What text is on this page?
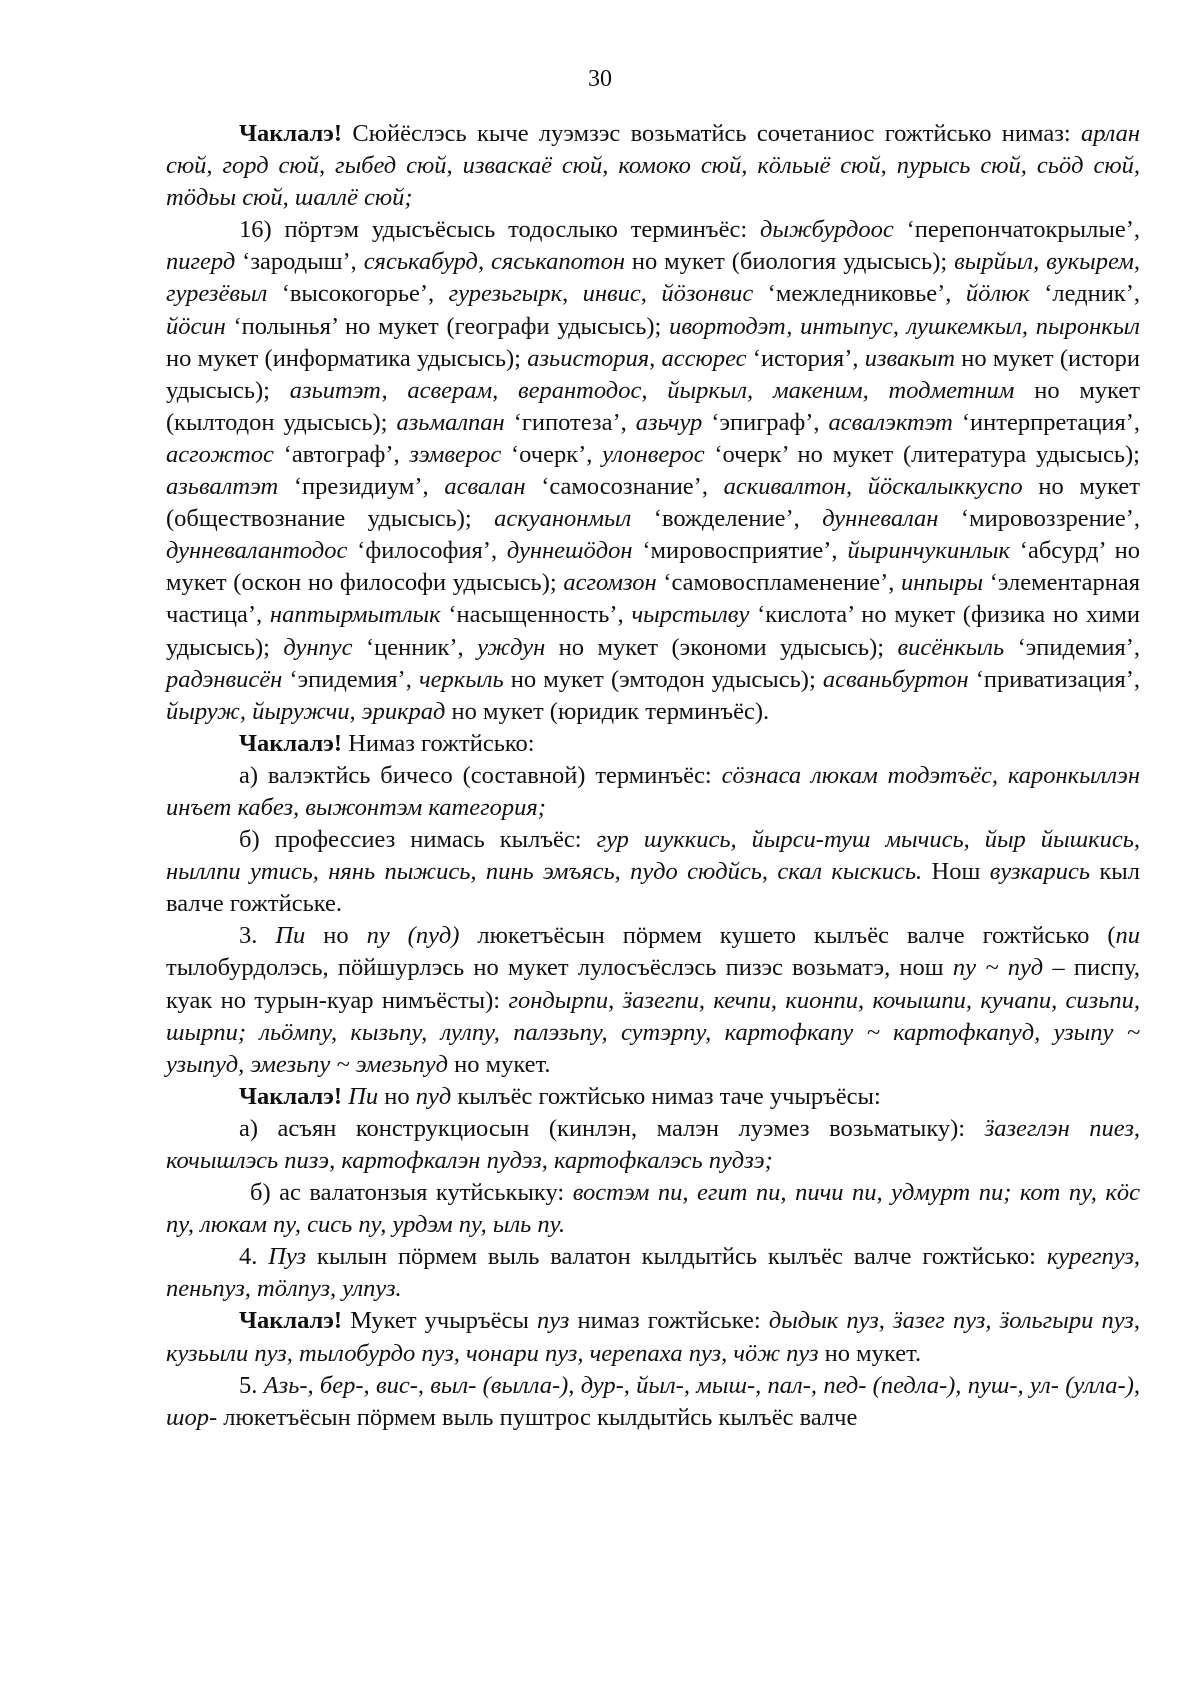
30

Чаклалэ! Сюйёслэсь кыче луэмзэс возьматйсь сочетаниос гожтйсько нимаз: арлан сюй, горд сюй, гыбед сюй, изваскаё сюй, комоко сюй, кöльыё сюй, пурысь сюй, сьöд сюй, тöдьы сюй, шаллё сюй;

16) пöртэм удысъёсысь тодослыко терминъёс: дыжбурдоос ‘перепончатокрылые’, пигерд ‘зародыш’, сяськабурд, сяськапотон но мукет (биология удысысь); вырйыл, вукырем, гурезёвыл ‘высокогорье’, гурезьгырк, инвис, йöзонвис ‘межледниковье’, йöлюк ‘ледник’, йöсин ‘полынья’ но мукет (географи удысысь); ивортодэт, интыпус, лушкемкыл, пыронкыл но мукет (информатика удысысь); азьистория, ассюрес ‘история’, извакыт но мукет (истори удысысь); азьитэт, асверам, верантодос, йыркыл, макеним, тодметним но мукет (кылтодон удысысь); азьмалпан ‘гипотеза’, азьчур ‘эпиграф’, асвалэктэт ‘интерпретация’, асгожтос ‘автограф’, зэмверос ‘очерк’, улонверос ‘очерк’ но мукет (литература удысысь); азьвалтэт ‘президиум’, асвалан ‘самосознание’, аскивалтон, йöскалыккуспо но мукет (обществознание удысысь); аскуанонмыл ‘вожделение’, дунневалан ‘мировоззрение’, дунневалантодос ‘философия’, дуннешöдон ‘мировосприятие’, йыринчукинлык ‘абсурд’ но мукет (оскон но философи удысысь); асгомзон ‘самовоспламенение’, инпыры ‘элементарная частица’, наптырмытлык ‘насыщенность’, чырстылву ‘кислота’ но мукет (физика но хими удысысь); дунпус ‘ценник’, уждун но мукет (экономи удысысь); висёнкыль ‘эпидемия’, радэнвисён ‘эпидемия’, черкыль но мукет (эмтодон удысысь); асваньбуртон ‘приватизация’, йыруж, йыружчи, эрикрад но мукет (юридик терминъёс).

Чаклалэ! Нимаз гожтйсько:

а) валэктйсь бичесо (составной) терминъёс: сöзнаса люкам тодэтъёс, каронкыллэн инъет кабез, выжонтэм категория;

б) профессиез нимась кылъёс: гур шуккись, йырси-туш мычись, йыр йышкись, ныллпи утись, нянь пыжись, пинь эмъясь, пудо сюдйсь, скал кыскись. Нош вузкарись кыл валче гожтйське.

3. Пи но пу (пуд) люкетъёсын пöрмем кушето кылъёс валче гожтйсько (пи тылобурдолэсь, пöйшурлэсь но мукет лулосъёслэсь пизэс возьматэ, нош пу ~ пуд – писпу, куак но турын-куар нимъёсты): гондырпи, ӟазегпи, кечпи, кионпи, кочышпи, кучапи, сизьпи, шырпи; льöмпу, кызьпу, лулпу, палэзьпу, сутэрпу, картофкапу ~ картофкапуд, узыпу ~ узыпуд, эмезьпу ~ эмезьпуд но мукет.

Чаклалэ! Пи но пуд кылъёс гожтйсько нимаз таче учыръёсы:

а) асъян конструкциосын (кинлэн, малэн луэмез возьматыку): ӟазеглэн пиез, кочышлэсь пизэ, картофкалэн пудэз, картофкалэсь пудзэ;

б) ас валатонзыя кутйськыку: востэм пи, егит пи, пичи пи, удмурт пи; кот пу, кöс пу, люкам пу, сись пу, урдэм пу, ыль пу.

4. Пуз кылын пöрмем выль валатон кылдытйсь кылъёс валче гожтйсько: курегпуз, пеньпуз, тöлпуз, улпуз.

Чаклалэ! Мукет учыръёсы пуз нимаз гожтйське: дыдык пуз, ӟазег пуз, ӟольгыри пуз, кузьыли пуз, тылобурдо пуз, чонари пуз, черепаха пуз, чöж пуз но мукет.

5. Азь-, бер-, вис-, выл- (вылла-), дур-, йыл-, мыш-, пал-, пед- (педла-), пуш-, ул- (улла-), шор- люкетъёсын пöрмем выль пуштрос кылдытйсь кылъёс валче
